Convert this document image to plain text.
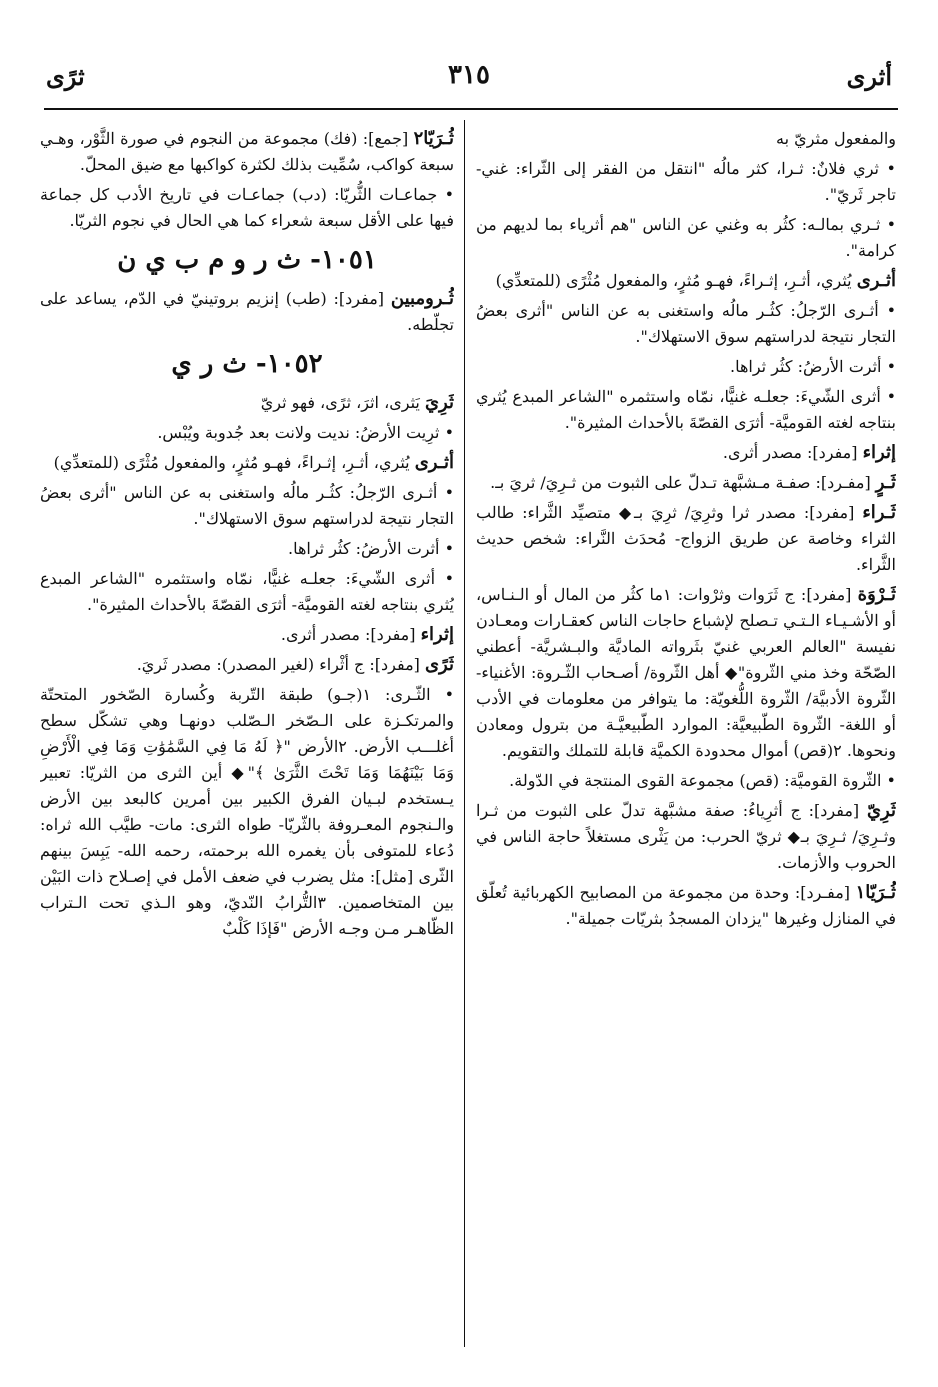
أثرى
٣١٥
ثرًى

والمفعول مثريّ به

• ثري فلانٌ: ثـرا، كثر مالُه "انتقل من الفقر إلى الثّراء: غني- تاجر ثَريّ".

• ثـري بمالـه: كثُر به وغني عن الناس "هم أثرياء بما لديهم من كرامة".

أثـرى يُثري، أثـرِ، إثـراءً، فهـو مُثرٍ، والمفعول مُثْرًى (للمتعدِّي)

• أثـرى الرّجلُ: كثُـر مالُه واستغنى به عن الناس "أثرى بعضُ التجار نتيجة لدراستهم سوق الاستهلاك".

• أثرت الأرضُ: كثُر ثراها.

• أثرى الشّيءَ: جعلـه غنيًّا، نمّاه واستثمره "الشاعر المبدع يُثري بنتاجه لغته القوميَّة- أثرَى القصّةَ بالأحداث المثيرة".

إثراء [مفرد]: مصدر أثرى.

ثَـرٍ [مفـرد]: صفـة مـشبَّهة تـدلّ على الثبوت من ثـرِيَ/ ثريَ بـ.

ثَـراء [مفرد]: مصدر ثرا وثرِيَ/ ثرِيَ بـ◆ متصيِّد الثَّراء: طالب الثراء وخاصة عن طريق الزواج- مُحدَث النَّراء: شخص حديث الثَّراء.

ثَـرْوَة [مفرد]: ج ثَرَوات وثرْوات: ١ما كثُر من المال أو الـنـاس، أو الأشـيـاء الـتـي تـصلح لإشباع حاجات الناس كعقـارات ومعـادن نفيسة "العالم العربي غنيّ بثَرواته الماديَّة والبـشريَّة- أعطني الصّحّة وخذ مني الثّروة"◆ أهل الثّروة/ أصـحاب الثّـروة: الأغنياء- الثّروة الأدبيَّة/ الثّروة اللُّغويّة: ما يتوافر من معلومات في الأدب أو اللغة- الثّروة الطّبيعيَّة: الموارد الطّبيعيَّـة من بترول ومعادن ونحوها. ٢(قص) أموال محدودة الكميَّة قابلة للتملك والتقويم.

• الثّروة القوميَّة: (قص) مجموعة القوى المنتجة في الدّولة.

ثَرِيّ [مفرد]: ج أثرِياءُ: صفة مشبَّهة تدلّ على الثبوت من ثـرا وثـرِيَ/ ثـرِيَ بـ◆ ثريّ الحرب: من يَثْرى مستغلاً حاجة الناس في الحروب والأزمات.

ثُـرَيّا١ [مفـرد]: وحدة من مجموعة من المصابيح الكهربائية تُعلّق في المنازل وغيرها "يزدان المسجدُ بثريّات جميلة".

ثُـرَيّا٢ [جمع]: (فك) مجموعة من النجوم في صورة الثَّوْر، وهـي سبعة كواكب، سُمِّيت بذلك لكثرة كواكبها مع ضيق المحلّ.

• جماعـات الثُّريّا: (دب) جماعـات في تاريخ الأدب كل جماعة فيها على الأقل سبعة شعراء كما هي الحال في نجوم الثريّا.

١٠٥١- ث ر و م ب ي ن

ثُـرومبين [مفرد]: (طب) إنزيم بروتينيّ في الدّم، يساعد على تجلّطه.

١٠٥٢- ث ر ي

ثَرِيَ يَثرى، اثرَ، ثرًى، فهو ثريّ

• ثرِيت الأرضُ: نديت ولانت بعد جُدوبة ويُبْس.

أثـرى يُثري، أثـرِ، إثـراءً، فهـو مُثرٍ، والمفعول مُثْرًى (للمتعدِّي)

• أثـرى الرّجلُ: كثُـر مالُه واستغنى به عن الناس "أثرى بعضُ التجار نتيجة لدراستهم سوق الاستهلاك".

• أثرت الأرضُ: كثُر ثراها.

• أثرى الشّيءَ: جعلـه غنيًّا، نمّاه واستثمره "الشاعر المبدع يُثري بنتاجه لغته القوميَّة- أثرَى القصّةَ بالأحداث المثيرة".

إثراء [مفرد]: مصدر أثرى.

ثَرًى [مفرد]: ج أثْراء (لغير المصدر): مصدر ثَريَ.

• الثّـرى: ١(جـو) طبقة التّربة وكُسارة الصّخور المتحتّة والمرتكـزة على الـصّخر الـصّلب دونهـا وهي تشكّل سطح أغلـــب الأرض. ٢الأرض "﴿ لَهُ مَا فِي السَّمَٰوَٰتِ وَمَا فِي الْأَرْضِ وَمَا بَيْنَهُمَا وَمَا تَحْتَ الثَّرَىٰ ﴾"◆ أين الثرى من الثريّا: تعبير يـستخدم لبـيان الفرق الكبير بين أمرين كالبعد بين الأرض والـنجوم المعـروفة بالثّريّا- طواه الثرى: مات- طيَّب الله ثراه: دُعاء للمتوفى بأن يغمره الله برحمته، رحمه الله- يَبِسَ بينهم الثّرى [مثل]: مثل يضرب في ضعف الأمل في إصـلاح ذات البَيْن بين المتخاصمين. ٣التُّرابُ النّديّ، وهو الـذي تحت الـتراب الظّاهـر مـن وجـه الأرض "فَإذَا كَلْبٌ
